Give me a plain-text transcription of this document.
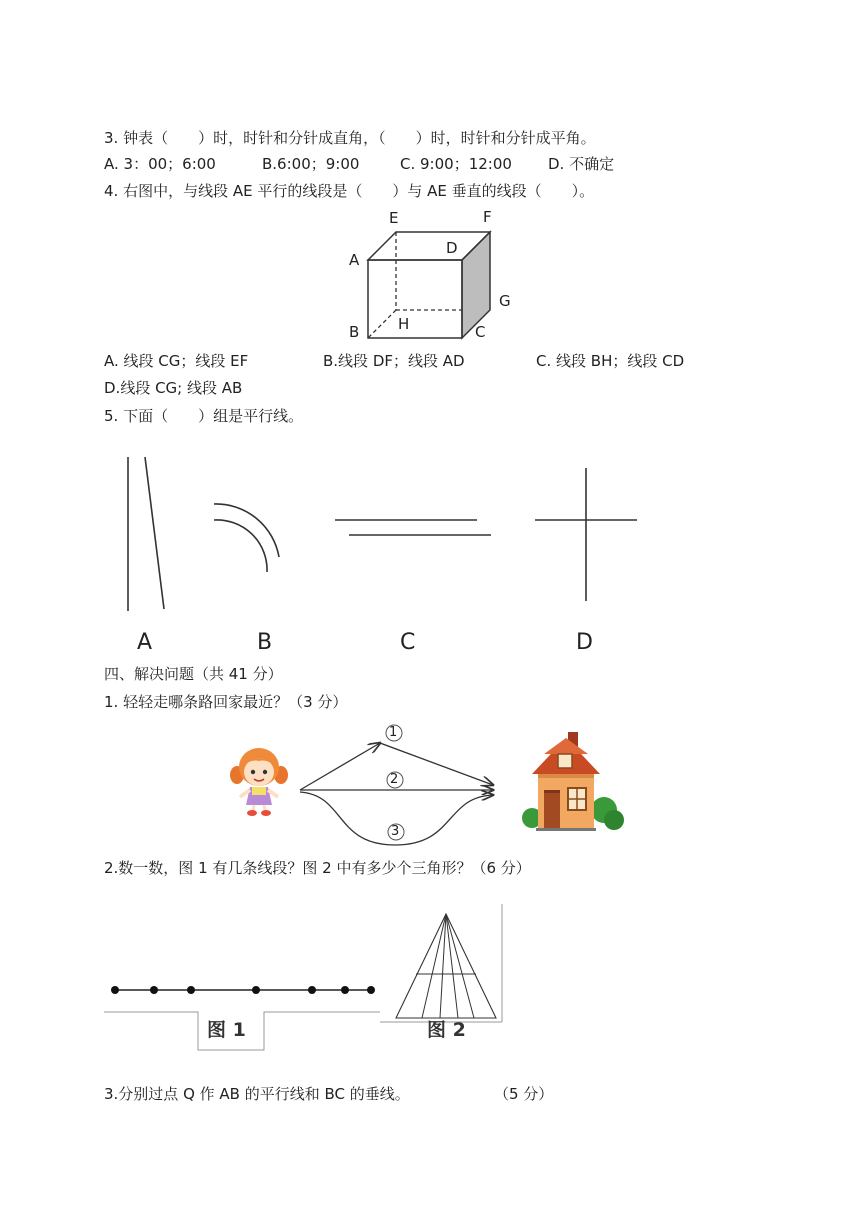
3. 钟表（　　）时，时针和分针成直角，（　　）时，时针和分针成平角。
A. 3：00；6:00	B.6:00；9:00	C. 9:00；12:00 D. 不确定
4. 右图中，与线段 AE 平行的线段是（　　）与 AE 垂直的线段（　　）。
E	F
A
D
G
B	H	C
A. 线段 CG；线段 EF	B.线段 DF；线段 AD	C. 线段 BH；线段 CD
D.线段 CG; 线段 AB
5. 下面（　　）组是平行线。
A	B	C	D
四、解决问题（共 41 分）
1. 轻轻走哪条路回家最近？（3 分）
1
2
3
2.数一数，图 1 有几条线段？图 2 中有多少个三角形？（6 分）
图 1	图 2
3.分别过点 Q 作 AB 的平行线和 BC 的垂线。	（5 分）
